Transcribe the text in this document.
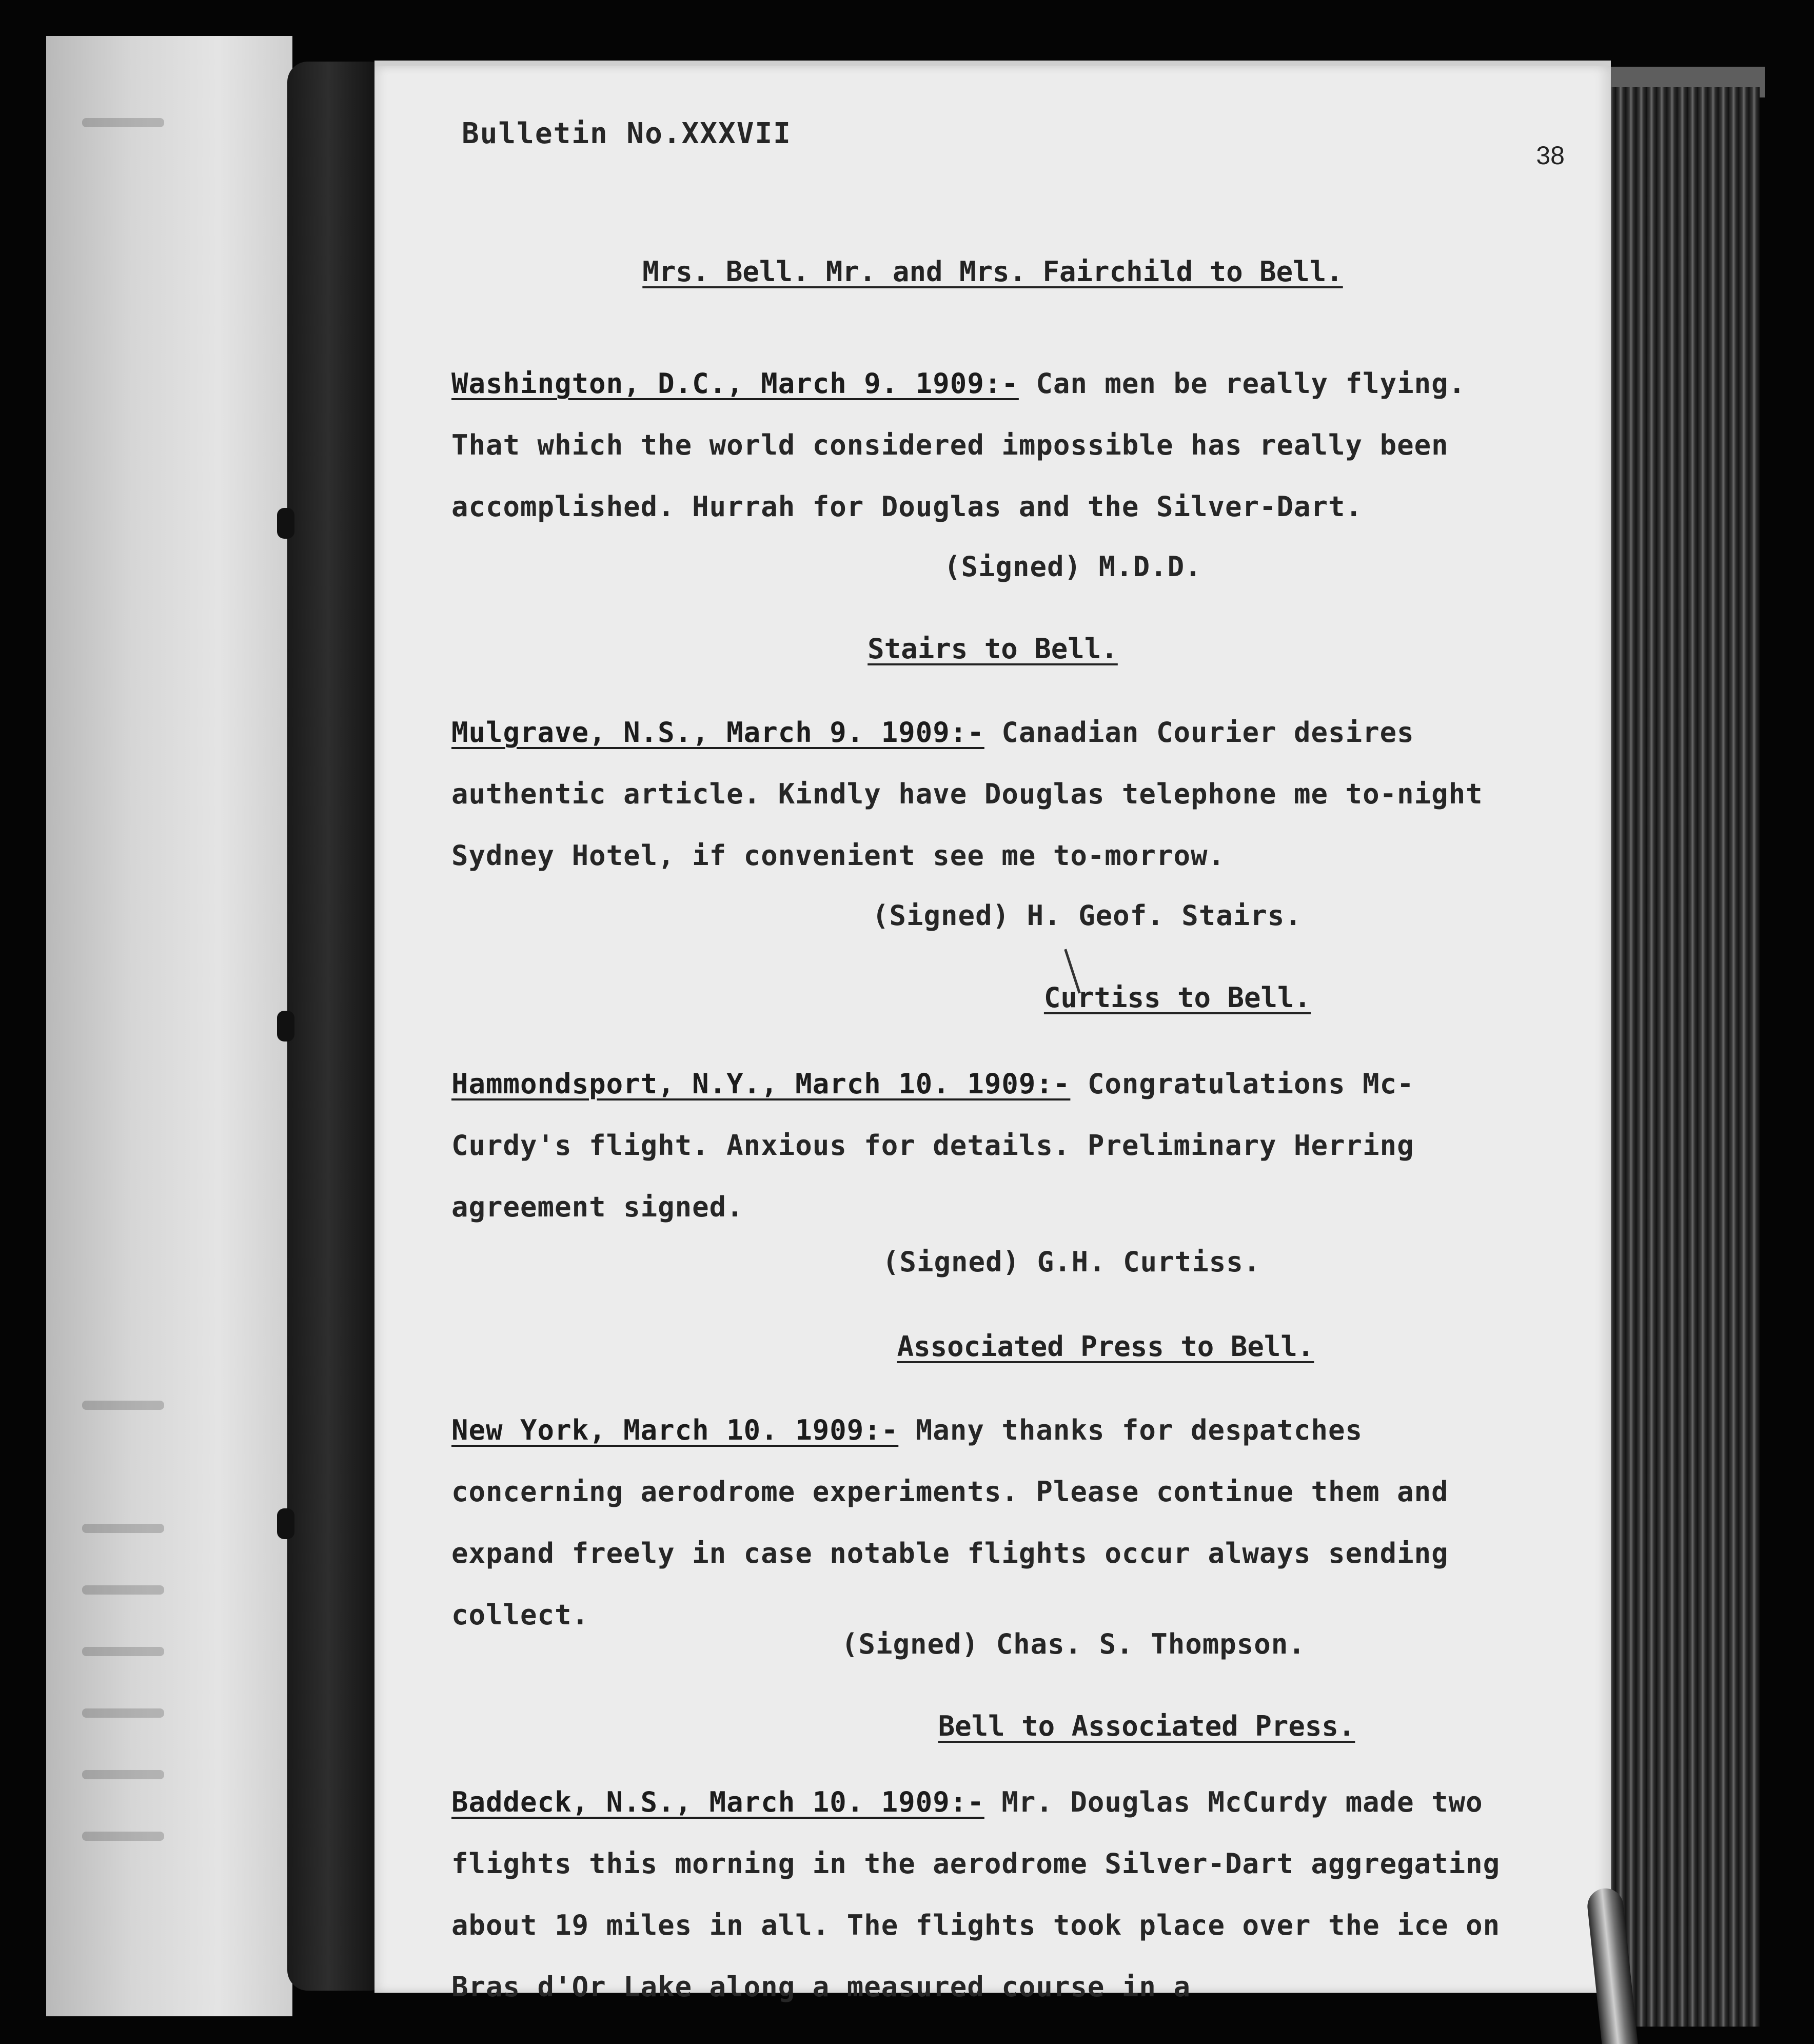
Bulletin No.XXXVII
38
Mrs. Bell. Mr. and Mrs. Fairchild to Bell.

Washington, D.C., March 9. 1909:- Can men be really flying. That which the world considered impossible has really been accomplished. Hurrah for Douglas and the Silver-Dart.

(Signed) M.D.D.
Stairs to Bell.

Mulgrave, N.S., March 9. 1909:- Canadian Courier desires authentic article. Kindly have Douglas telephone me to-night Sydney Hotel, if convenient see me to-morrow.

(Signed) H. Geof. Stairs.
Curtiss to Bell.

Hammondsport, N.Y., March 10. 1909:- Congratulations Mc-Curdy's flight. Anxious for details. Preliminary Herring agreement signed.

(Signed) G.H. Curtiss.
Associated Press to Bell.

New York, March 10. 1909:- Many thanks for despatches concerning aerodrome experiments. Please continue them and expand freely in case notable flights occur always sending collect.

(Signed) Chas. S. Thompson.
Bell to Associated Press.

Baddeck, N.S., March 10. 1909:- Mr. Douglas McCurdy made two flights this morning in the aerodrome Silver-Dart aggregating about 19 miles in all. The flights took place over the ice on Bras d'Or Lake along a measured course in a
